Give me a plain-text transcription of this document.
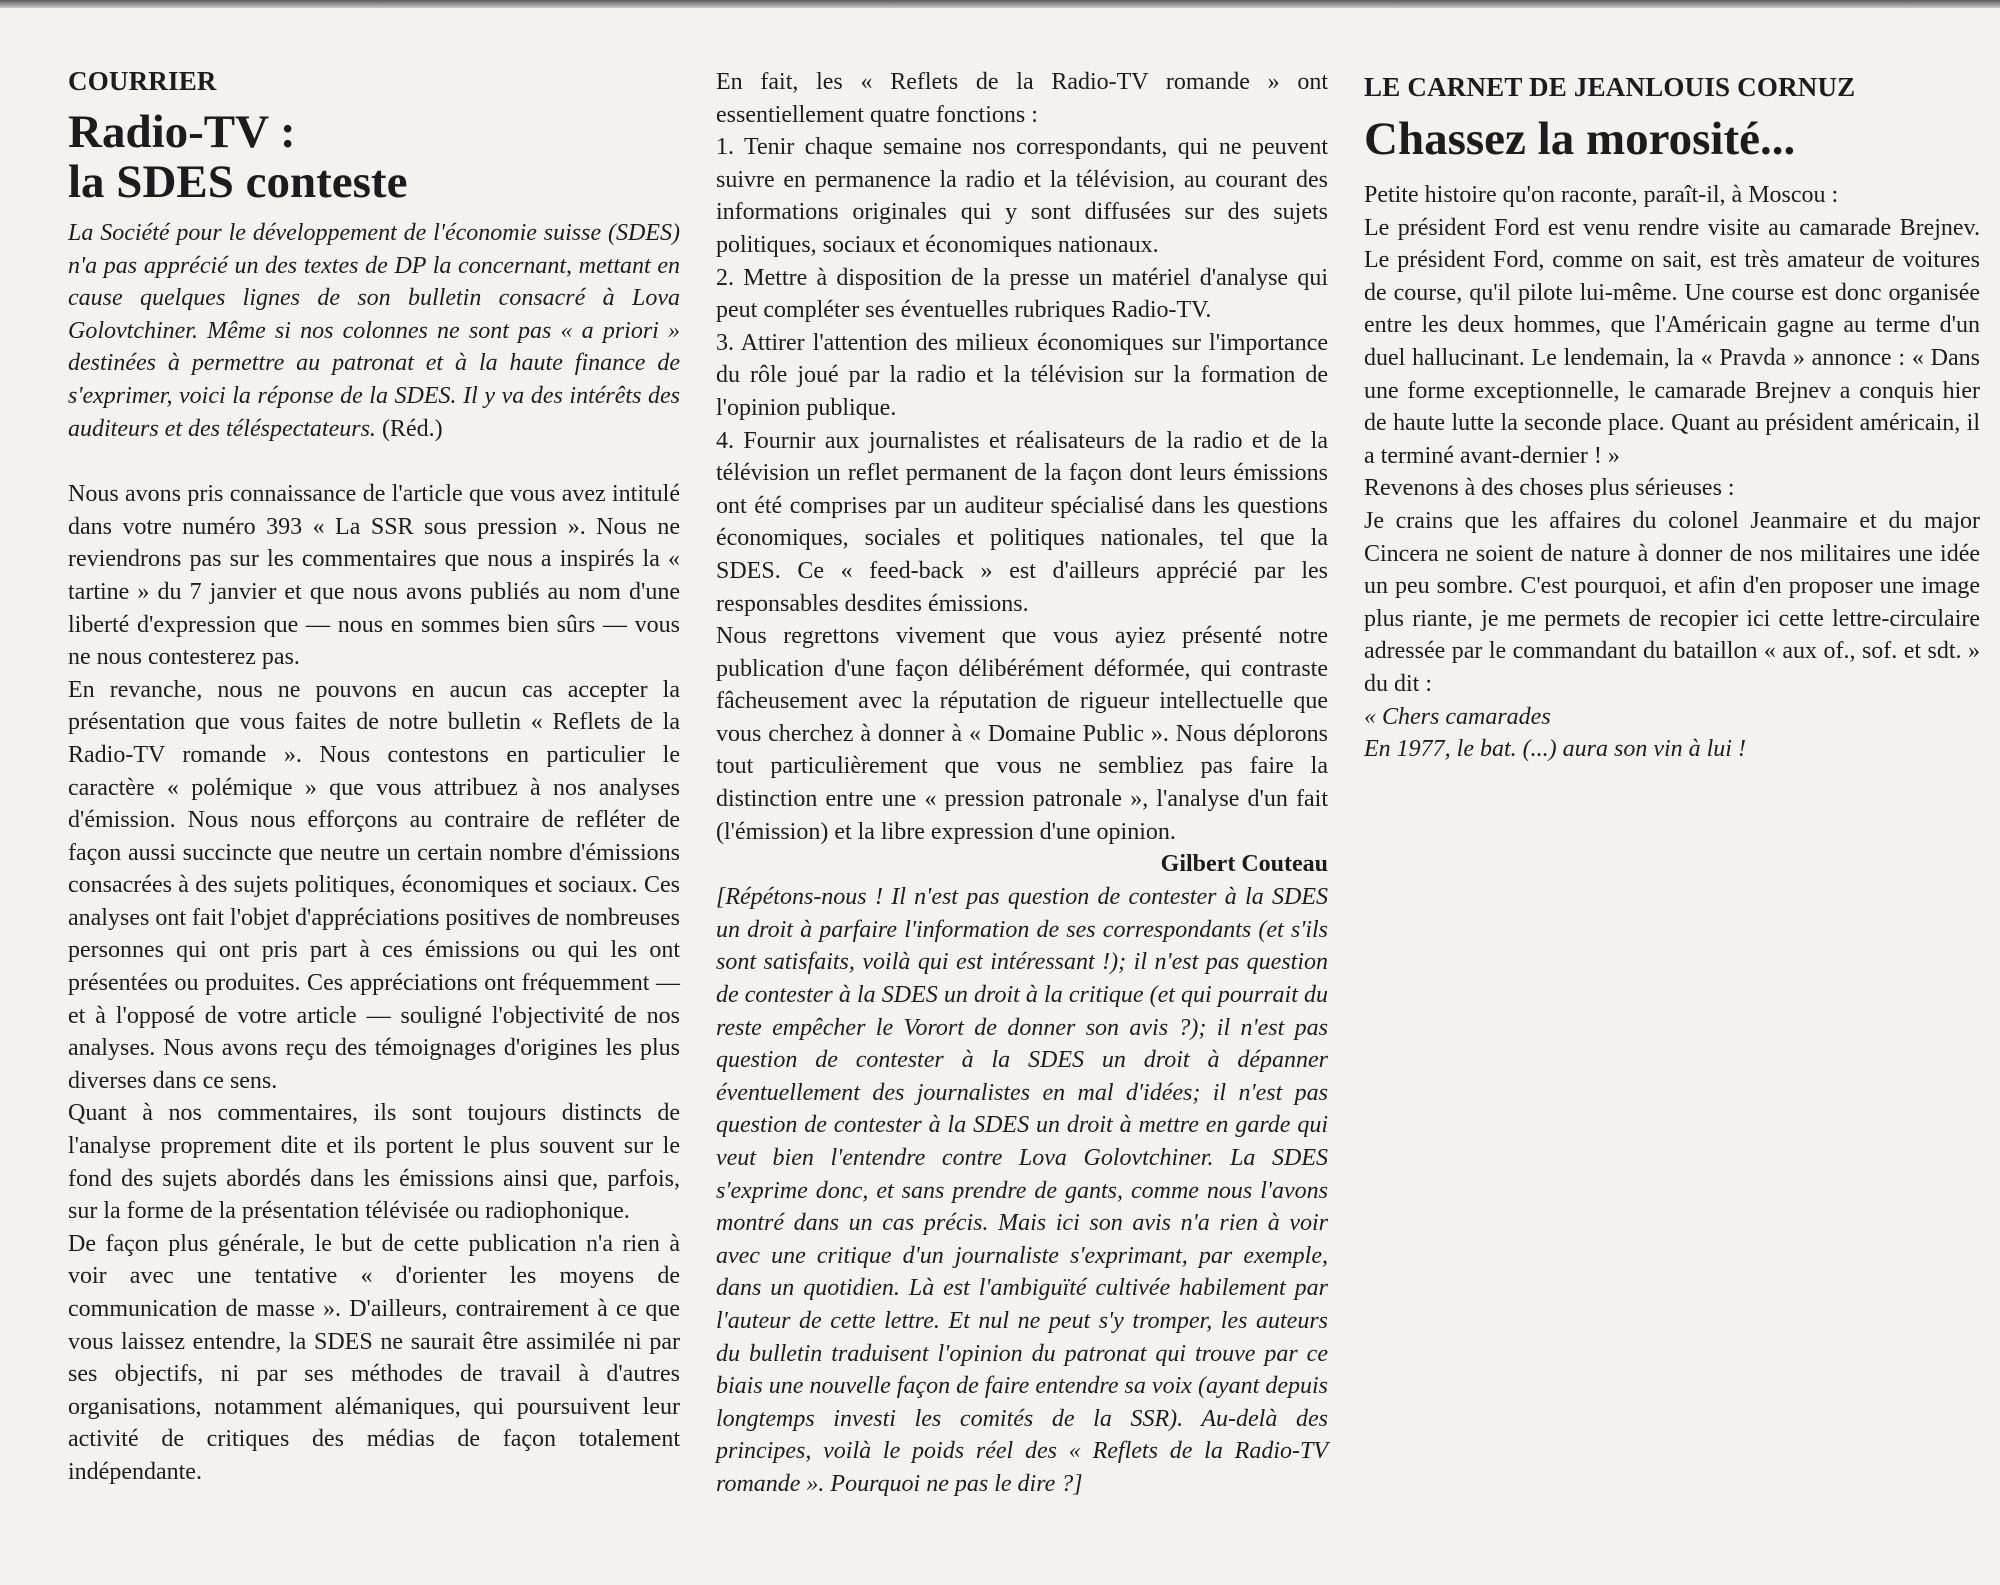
COURRIER
Radio-TV :
la SDES conteste

La Société pour le développement de l'économie suisse (SDES) n'a pas apprécié un des textes de DP la concernant, mettant en cause quelques lignes de son bulletin consacré à Lova Golovtchiner. Même si nos colonnes ne sont pas « a priori » destinées à permettre au patronat et à la haute finance de s'exprimer, voici la réponse de la SDES. Il y va des intérêts des auditeurs et des téléspectateurs. (Réd.)

Nous avons pris connaissance de l'article que vous avez intitulé dans votre numéro 393 « La SSR sous pression ». Nous ne reviendrons pas sur les commentaires que nous a inspirés la « tartine » du 7 janvier et que nous avons publiés au nom d'une liberté d'expression que — nous en sommes bien sûrs — vous ne nous contesterez pas.

En revanche, nous ne pouvons en aucun cas accepter la présentation que vous faites de notre bulletin « Reflets de la Radio-TV romande ». Nous contestons en particulier le caractère « polémique » que vous attribuez à nos analyses d'émission. Nous nous efforçons au contraire de refléter de façon aussi succincte que neutre un certain nombre d'émissions consacrées à des sujets politiques, économiques et sociaux. Ces analyses ont fait l'objet d'appréciations positives de nombreuses personnes qui ont pris part à ces émissions ou qui les ont présentées ou produites. Ces appréciations ont fréquemment — et à l'opposé de votre article — souligné l'objectivité de nos analyses. Nous avons reçu des témoignages d'origines les plus diverses dans ce sens.

Quant à nos commentaires, ils sont toujours distincts de l'analyse proprement dite et ils portent le plus souvent sur le fond des sujets abordés dans les émissions ainsi que, parfois, sur la forme de la présentation télévisée ou radiophonique.

De façon plus générale, le but de cette publication n'a rien à voir avec une tentative « d'orienter les moyens de communication de masse ». D'ailleurs, contrairement à ce que vous laissez entendre, la SDES ne saurait être assimilée ni par ses objectifs, ni par ses méthodes de travail à d'autres organisations, notamment alémaniques, qui poursuivent leur activité de critiques des médias de façon totalement indépendante.

En fait, les « Reflets de la Radio-TV romande » ont essentiellement quatre fonctions :

1. Tenir chaque semaine nos correspondants, qui ne peuvent suivre en permanence la radio et la télévision, au courant des informations originales qui y sont diffusées sur des sujets politiques, sociaux et économiques nationaux.

2. Mettre à disposition de la presse un matériel d'analyse qui peut compléter ses éventuelles rubriques Radio-TV.

3. Attirer l'attention des milieux économiques sur l'importance du rôle joué par la radio et la télévision sur la formation de l'opinion publique.

4. Fournir aux journalistes et réalisateurs de la radio et de la télévision un reflet permanent de la façon dont leurs émissions ont été comprises par un auditeur spécialisé dans les questions économiques, sociales et politiques nationales, tel que la SDES. Ce « feed-back » est d'ailleurs apprécié par les responsables desdites émissions.

Nous regrettons vivement que vous ayiez présenté notre publication d'une façon délibérément déformée, qui contraste fâcheusement avec la réputation de rigueur intellectuelle que vous cherchez à donner à « Domaine Public ». Nous déplorons tout particulièrement que vous ne sembliez pas faire la distinction entre une « pression patronale », l'analyse d'un fait (l'émission) et la libre expression d'une opinion.
Gilbert Couteau

[Répétons-nous ! Il n'est pas question de contester à la SDES un droit à parfaire l'information de ses correspondants (et s'ils sont satisfaits, voilà qui est intéressant !); il n'est pas question de contester à la SDES un droit à la critique (et qui pourrait du reste empêcher le Vorort de donner son avis ?); il n'est pas question de contester à la SDES un droit à dépanner éventuellement des journalistes en mal d'idées; il n'est pas question de contester à la SDES un droit à mettre en garde qui veut bien l'entendre contre Lova Golovtchiner. La SDES s'exprime donc, et sans prendre de gants, comme nous l'avons montré dans un cas précis. Mais ici son avis n'a rien à voir avec une critique d'un journaliste s'exprimant, par exemple, dans un quotidien. Là est l'ambiguïté cultivée habilement par l'auteur de cette lettre. Et nul ne peut s'y tromper, les auteurs du bulletin traduisent l'opinion du patronat qui trouve par ce biais une nouvelle façon de faire entendre sa voix (ayant depuis longtemps investi les comités de la SSR). Au-delà des principes, voilà le poids réel des « Reflets de la Radio-TV romande ». Pourquoi ne pas le dire ?]

LE CARNET DE JEANLOUIS CORNUZ
Chassez la morosité...

Petite histoire qu'on raconte, paraît-il, à Moscou :

Le président Ford est venu rendre visite au camarade Brejnev. Le président Ford, comme on sait, est très amateur de voitures de course, qu'il pilote lui-même. Une course est donc organisée entre les deux hommes, que l'Américain gagne au terme d'un duel hallucinant. Le lendemain, la « Pravda » annonce : « Dans une forme exceptionnelle, le camarade Brejnev a conquis hier de haute lutte la seconde place. Quant au président américain, il a terminé avant-dernier ! »

Revenons à des choses plus sérieuses :

Je crains que les affaires du colonel Jeanmaire et du major Cincera ne soient de nature à donner de nos militaires une idée un peu sombre. C'est pourquoi, et afin d'en proposer une image plus riante, je me permets de recopier ici cette lettre-circulaire adressée par le commandant du bataillon « aux of., sof. et sdt. » du dit :

« Chers camarades

En 1977, le bat. (...) aura son vin à lui !
